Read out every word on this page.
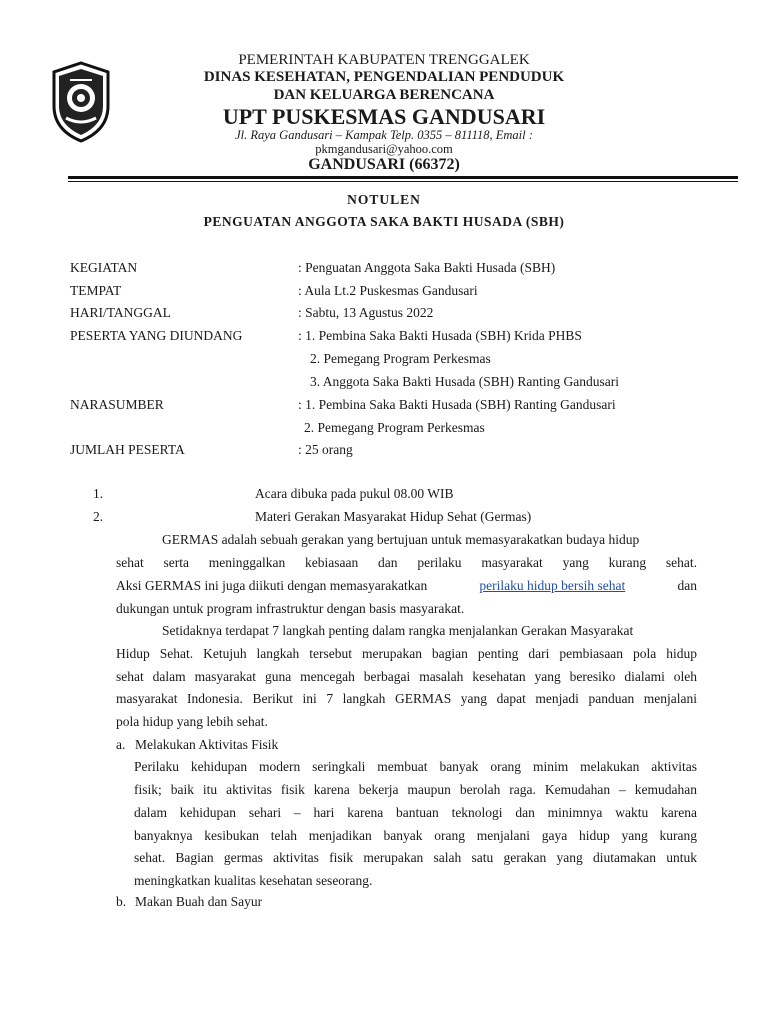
PEMERINTAH KABUPATEN TRENGGALEK
DINAS KESEHATAN, PENGENDALIAN PENDUDUK
DAN KELUARGA BERENCANA
UPT PUSKESMAS GANDUSARI
Jl. Raya Gandusari – Kampak Telp. 0355 – 811118, Email :
pkmgandusari@yahoo.com
GANDUSARI (66372)
NOTULEN
PENGUATAN ANGGOTA SAKA BAKTI HUSADA (SBH)
KEGIATAN	: Penguatan Anggota Saka Bakti Husada (SBH)
TEMPAT	: Aula Lt.2 Puskesmas Gandusari
HARI/TANGGAL	: Sabtu, 13 Agustus 2022
PESERTA YANG DIUNDANG	: 1. Pembina Saka Bakti Husada (SBH) Krida PHBS
2. Pemegang Program Perkesmas
3. Anggota Saka Bakti Husada (SBH) Ranting Gandusari
NARASUMBER	: 1. Pembina Saka Bakti Husada (SBH) Ranting Gandusari
2. Pemegang Program Perkesmas
JUMLAH PESERTA	: 25 orang
1.	Acara dibuka pada pukul 08.00 WIB
2.	Materi Gerakan Masyarakat Hidup Sehat (Germas)
GERMAS adalah sebuah gerakan yang bertujuan untuk memasyarakatkan budaya hidup
sehat serta meninggalkan kebiasaan dan perilaku masyarakat yang kurang sehat.
Aksi GERMAS ini juga diikuti dengan memasyarakatkan	perilaku hidup bersih sehat	dan
dukungan untuk program infrastruktur dengan basis masyarakat.
Setidaknya terdapat 7 langkah penting dalam rangka menjalankan Gerakan Masyarakat
Hidup Sehat. Ketujuh langkah tersebut merupakan bagian penting dari pembiasaan pola hidup
sehat dalam masyarakat guna mencegah berbagai masalah kesehatan yang beresiko dialami oleh
masyarakat Indonesia. Berikut ini 7 langkah GERMAS yang dapat menjadi panduan menjalani
pola hidup yang lebih sehat.
a. Melakukan Aktivitas Fisik
Perilaku kehidupan modern seringkali membuat banyak orang minim melakukan aktivitas
fisik; baik itu aktivitas fisik karena bekerja maupun berolah raga. Kemudahan – kemudahan
dalam kehidupan sehari – hari karena bantuan teknologi dan minimnya waktu karena
banyaknya kesibukan telah menjadikan banyak orang menjalani gaya hidup yang kurang
sehat. Bagian germas aktivitas fisik merupakan salah satu gerakan yang diutamakan untuk
meningkatkan kualitas kesehatan seseorang.
b. Makan Buah dan Sayur
